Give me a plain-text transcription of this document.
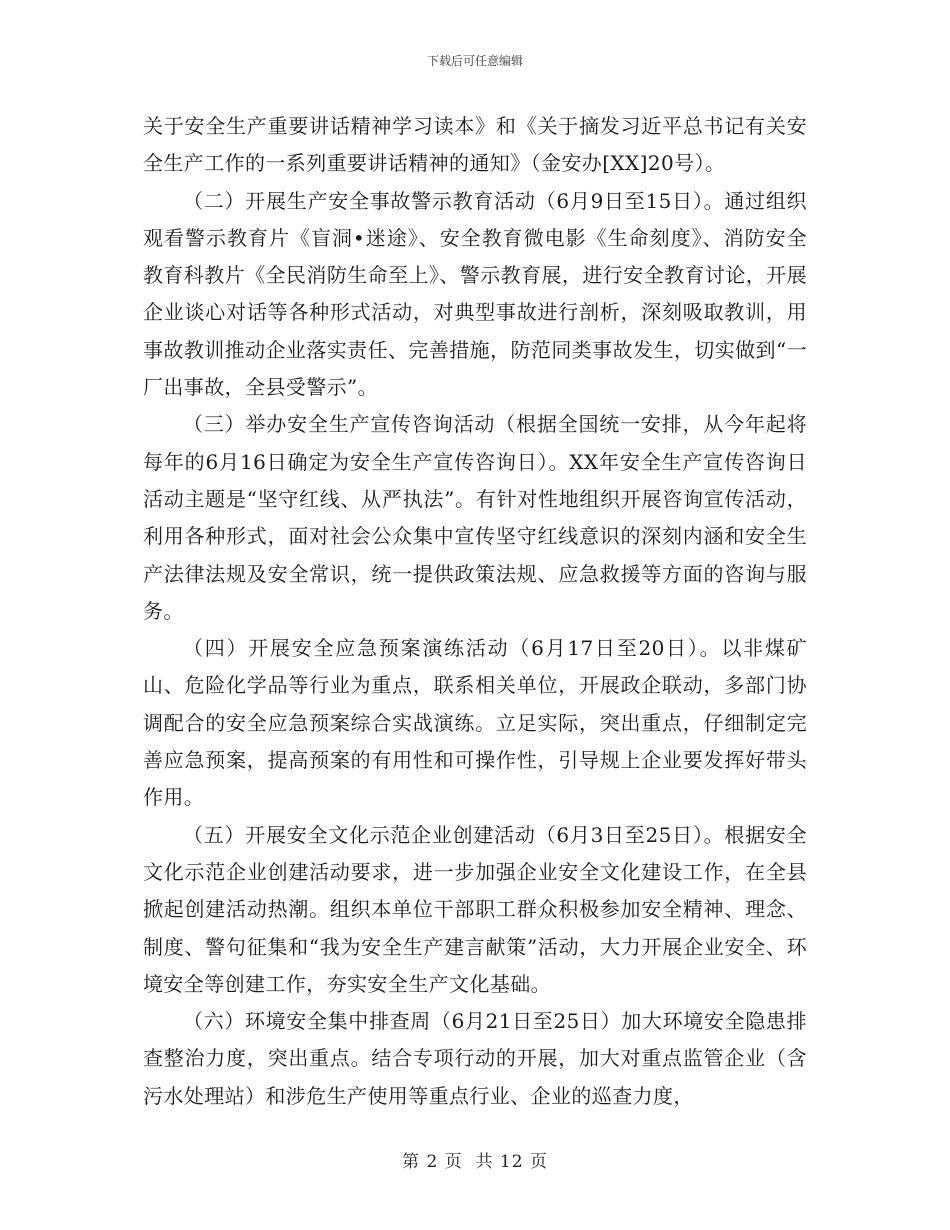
下载后可任意编辑

关于安全生产重要讲话精神学习读本》和《关于摘发习近平总书记有关安全生产工作的一系列重要讲话精神的通知》（金安办[XX]20号）。

（二）开展生产安全事故警示教育活动（6月9日至15日）。通过组织观看警示教育片《盲洞•迷途》、安全教育微电影《生命刻度》、消防安全教育科教片《全民消防生命至上》、警示教育展，进行安全教育讨论，开展企业谈心对话等各种形式活动，对典型事故进行剖析，深刻吸取教训，用事故教训推动企业落实责任、完善措施，防范同类事故发生，切实做到“一厂出事故，全县受警示”。

（三）举办安全生产宣传咨询活动（根据全国统一安排，从今年起将每年的6月16日确定为安全生产宣传咨询日）。XX年安全生产宣传咨询日活动主题是“坚守红线、从严执法”。有针对性地组织开展咨询宣传活动，利用各种形式，面对社会公众集中宣传坚守红线意识的深刻内涵和安全生产法律法规及安全常识，统一提供政策法规、应急救援等方面的咨询与服务。

（四）开展安全应急预案演练活动（6月17日至20日）。以非煤矿山、危险化学品等行业为重点，联系相关单位，开展政企联动，多部门协调配合的安全应急预案综合实战演练。立足实际，突出重点，仔细制定完善应急预案，提高预案的有用性和可操作性，引导规上企业要发挥好带头作用。

（五）开展安全文化示范企业创建活动（6月3日至25日）。根据安全文化示范企业创建活动要求，进一步加强企业安全文化建设工作，在全县掀起创建活动热潮。组织本单位干部职工群众积极参加安全精神、理念、制度、警句征集和“我为安全生产建言献策”活动，大力开展企业安全、环境安全等创建工作，夯实安全生产文化基础。

（六）环境安全集中排查周（6月21日至25日）加大环境安全隐患排查整治力度，突出重点。结合专项行动的开展，加大对重点监管企业（含污水处理站）和涉危生产使用等重点行业、企业的巡查力度，

第 2 页  共 12 页
